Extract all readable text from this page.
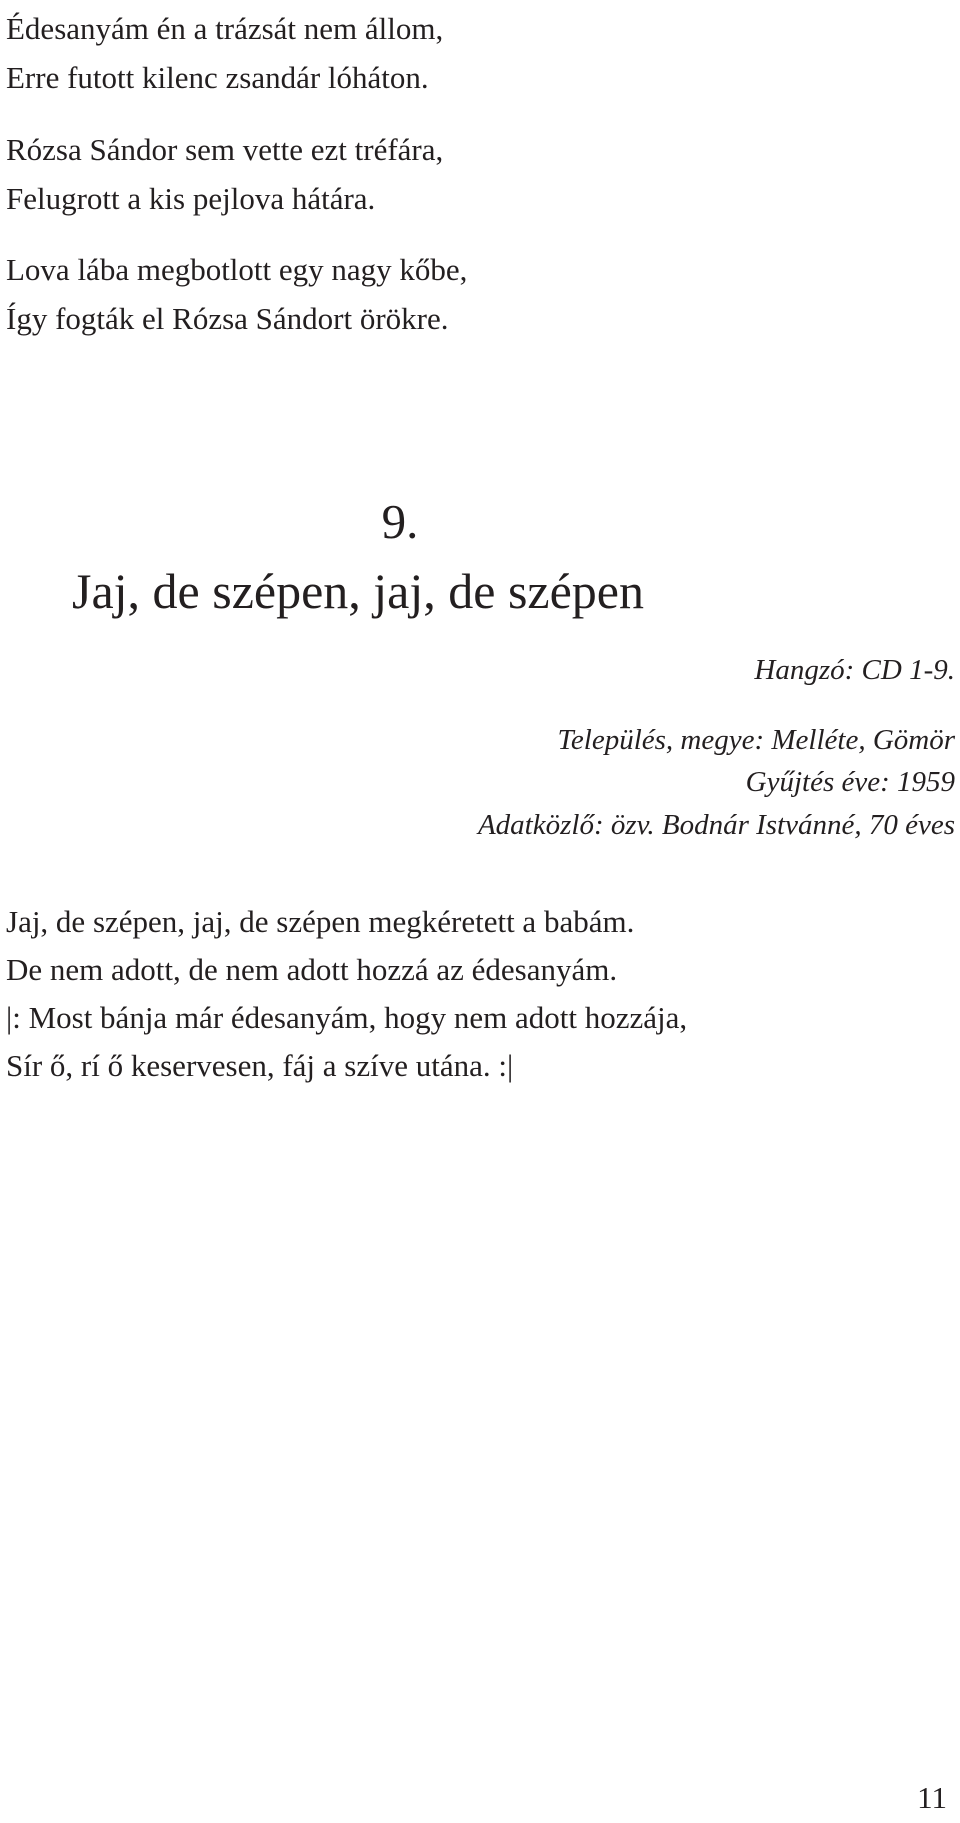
Édesanyám én a trázsát nem állom,
Erre futott kilenc zsandár lóháton.
Rózsa Sándor sem vette ezt tréfára,
Felugrott a kis pejlova hátára.
Lova lába megbotlott egy nagy kőbe,
Így fogták el Rózsa Sándort örökre.
9.
Jaj, de szépen, jaj, de szépen
Hangzó: CD 1-9.
Település, megye: Melléte, Gömör
Gyűjtés éve: 1959
Adatközlő: özv. Bodnár Istvánné, 70 éves
Jaj, de szépen, jaj, de szépen megkéretett a babám.
De nem adott, de nem adott hozzá az édesanyám.
|: Most bánja már édesanyám, hogy nem adott hozzája,
Sír ő, rí ő keservesen, fáj a szíve utána. :|
11
